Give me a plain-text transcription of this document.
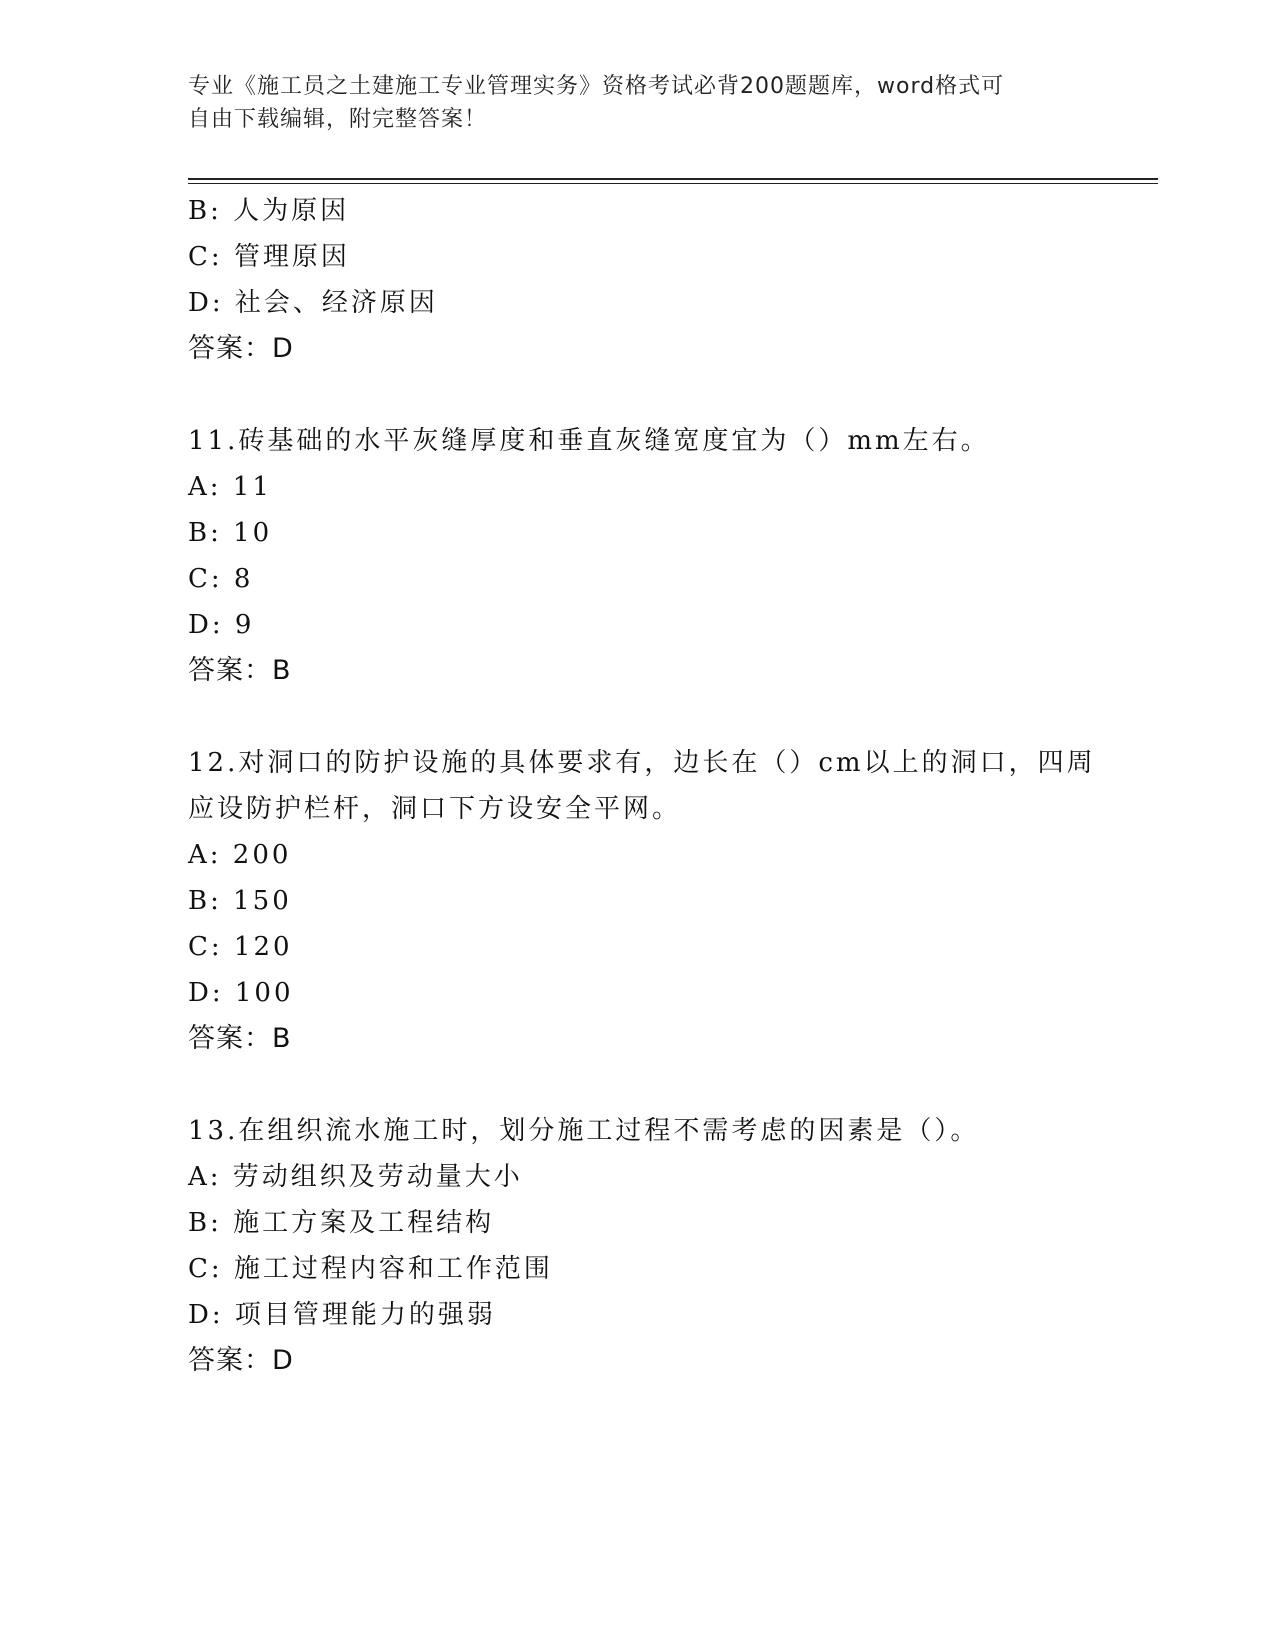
专业《施工员之土建施工专业管理实务》资格考试必背200题题库，word格式可
自由下载编辑，附完整答案！
B: 人为原因
C: 管理原因
D: 社会、经济原因
答案：D
11.砖基础的水平灰缝厚度和垂直灰缝宽度宜为（）mm左右。
A: 11
B: 10
C: 8
D: 9
答案：B
12.对洞口的防护设施的具体要求有，边长在（）cm以上的洞口，四周
应设防护栏杆，洞口下方设安全平网。
A: 200
B: 150
C: 120
D: 100
答案：B
13.在组织流水施工时，划分施工过程不需考虑的因素是（）。
A: 劳动组织及劳动量大小
B: 施工方案及工程结构
C: 施工过程内容和工作范围
D: 项目管理能力的强弱
答案：D
